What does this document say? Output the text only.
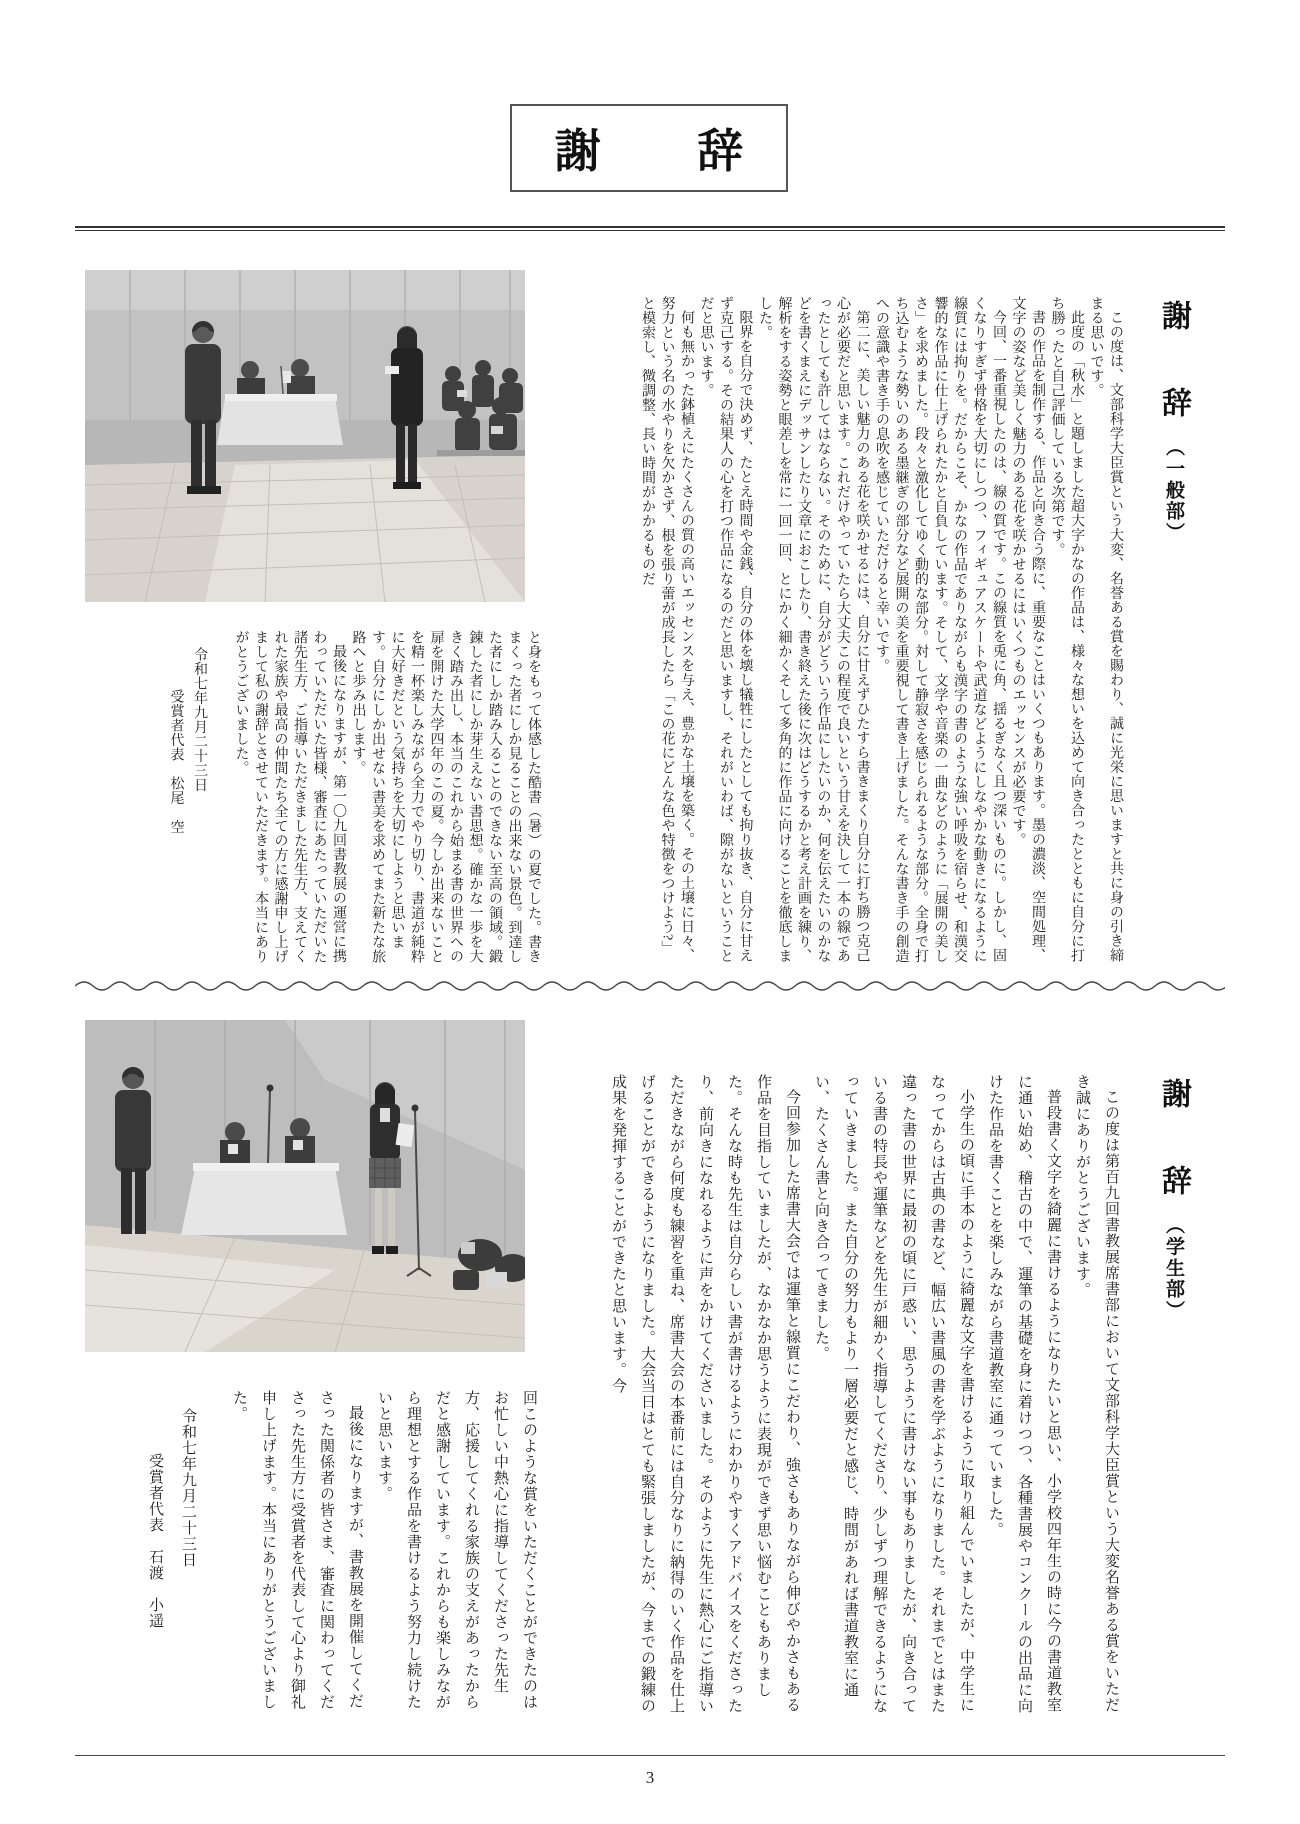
謝　辞
謝　辞（一般部）

この度は、文部科学大臣賞という大変、名誉ある賞を賜わり、誠に光栄に思いますと共に身の引き締まる思いです。

此度の「秋水」と題しました超大字かなの作品は、様々な想いを込めて向き合ったとともに自分に打ち勝ったと自己評価している次第です。

書の作品を制作する、作品と向き合う際に、重要なことはいくつもあります。墨の濃淡、空間処理、文字の姿など美しく魅力のある花を咲かせるにはいくつものエッセンスが必要です。

今回、一番重視したのは、線の質です。この線質を兎に角、揺るぎなく且つ深いものに。しかし、固くなりすぎず骨格を大切にしつつ、フィギュアスケートや武道などようにしなやかな動きになるように線質には拘りを。だからこそ、かなの作品でありながらも漢字の書のような強い呼吸を宿らせ、和漢交響的な作品に仕上げられたかと自負しています。そして、文学や音楽の一曲などのように「展開の美しさ」を求めました。段々と激化してゆく動的な部分。対して静寂さを感じられるような部分。全身で打ち込むような勢いのある墨継ぎの部分など展開の美を重要視して書き上げました。そんな書き手の創造への意識や書き手の息吹を感じていただけると幸いです。

第二に、美しい魅力のある花を咲かせるには、自分に甘えずひたすら書きまくり自分に打ち勝つ克己心が必要だと思います。これだけやっていたら大丈夫この程度で良いという甘えを決して一本の線であったとしても許してはならない。そのために、自分がどういう作品にしたいのか、何を伝えたいのかなどを書くまえにデッサンしたり文章におこしたり、書き終えた後に次はどうするかと考え計画を練り、解析をする姿勢と眼差しを常に一回一回、とにかく細かくそして多角的に作品に向けることを徹底しました。

限界を自分で決めず、たとえ時間や金銭、自分の体を壊し犠牲にしたとしても拘り抜き、自分に甘えず克己する。その結果人の心を打つ作品になるのだと思いますし、それがいわば、隙がないということだと思います。

何も無かった鉢植えにたくさんの質の高いエッセンスを与え、豊かな土壌を築く。その土壌に日々、努力という名の水やりを欠かさず、根を張り蕾が成長したら「この花にどんな色や特徴をつけよう?」と模索し、微調整、長い時間がかかるものだ

と身をもって体感した酷書（暑）の夏でした。書きまくった者にしか見ることの出来ない景色。到達した者にしか踏み入ることのできない至高の領域。鍛錬した者にしか芽生えない書思想。確かな一歩を大きく踏み出し、本当のこれから始まる書の世界への扉を開けた大学四年のこの夏。今しか出来ないことを精一杯楽しみながら全力でやり切り、書道が純粋に大好きだという気持ちを大切にしようと思います。自分にしか出せない書美を求めてまた新たな旅路へと歩み出します。

最後になりますが、第一〇九回書教展の運営に携わっていただいた皆様、審査にあたっていただいた諸先生方、ご指導いただきました先生方、支えてくれた家族や最高の仲間たち全ての方に感謝申し上げまして私の謝辞とさせていただきます。本当にありがとうございました。

令和七年九月二十三日

受賞者代表　松尾　空

謝　辞（学生部）

この度は第百九回書教展席書部において文部科学大臣賞という大変名誉ある賞をいただき誠にありがとうございます。

普段書く文字を綺麗に書けるようになりたいと思い、小学校四年生の時に今の書道教室に通い始め、稽古の中で、運筆の基礎を身に着けつつ、各種書展やコンクールの出品に向けた作品を書くことを楽しみながら書道教室に通っていました。

小学生の頃に手本のように綺麗な文字を書けるように取り組んでいましたが、中学生になってからは古典の書など、幅広い書風の書を学ぶようになりました。それまでとはまた違った書の世界に最初の頃に戸惑い、思うように書けない事もありましたが、向き合っている書の特長や運筆などを先生が細かく指導してくださり、少しずつ理解できるようになっていきました。また自分の努力もより一層必要だと感じ、時間があれば書道教室に通い、たくさん書と向き合ってきました。

今回参加した席書大会では運筆と線質にこだわり、強さもありながら伸びやかさもある作品を目指していましたが、なかなか思うように表現ができず思い悩むこともありました。そんな時も先生は自分らしい書が書けるようにわかりやすくアドバイスをくださったり、前向きになれるように声をかけてくださいました。そのように先生に熱心にご指導いただきながら何度も練習を重ね、席書大会の本番前には自分なりに納得のいく作品を仕上げることができるようになりました。大会当日はとても緊張しましたが、今までの鍛練の成果を発揮することができたと思います。今

回このような賞をいただくことができたのはお忙しい中熱心に指導してくださった先生方、応援してくれる家族の支えがあったからだと感謝しています。これからも楽しみながら理想とする作品を書けるよう努力し続けたいと思います。

最後になりますが、書教展を開催してくださった関係者の皆さま、審査に関わってくださった先生方に受賞者を代表して心より御礼申し上げます。本当にありがとうございました。

令和七年九月二十三日

受賞者代表　石渡　小遥

3
